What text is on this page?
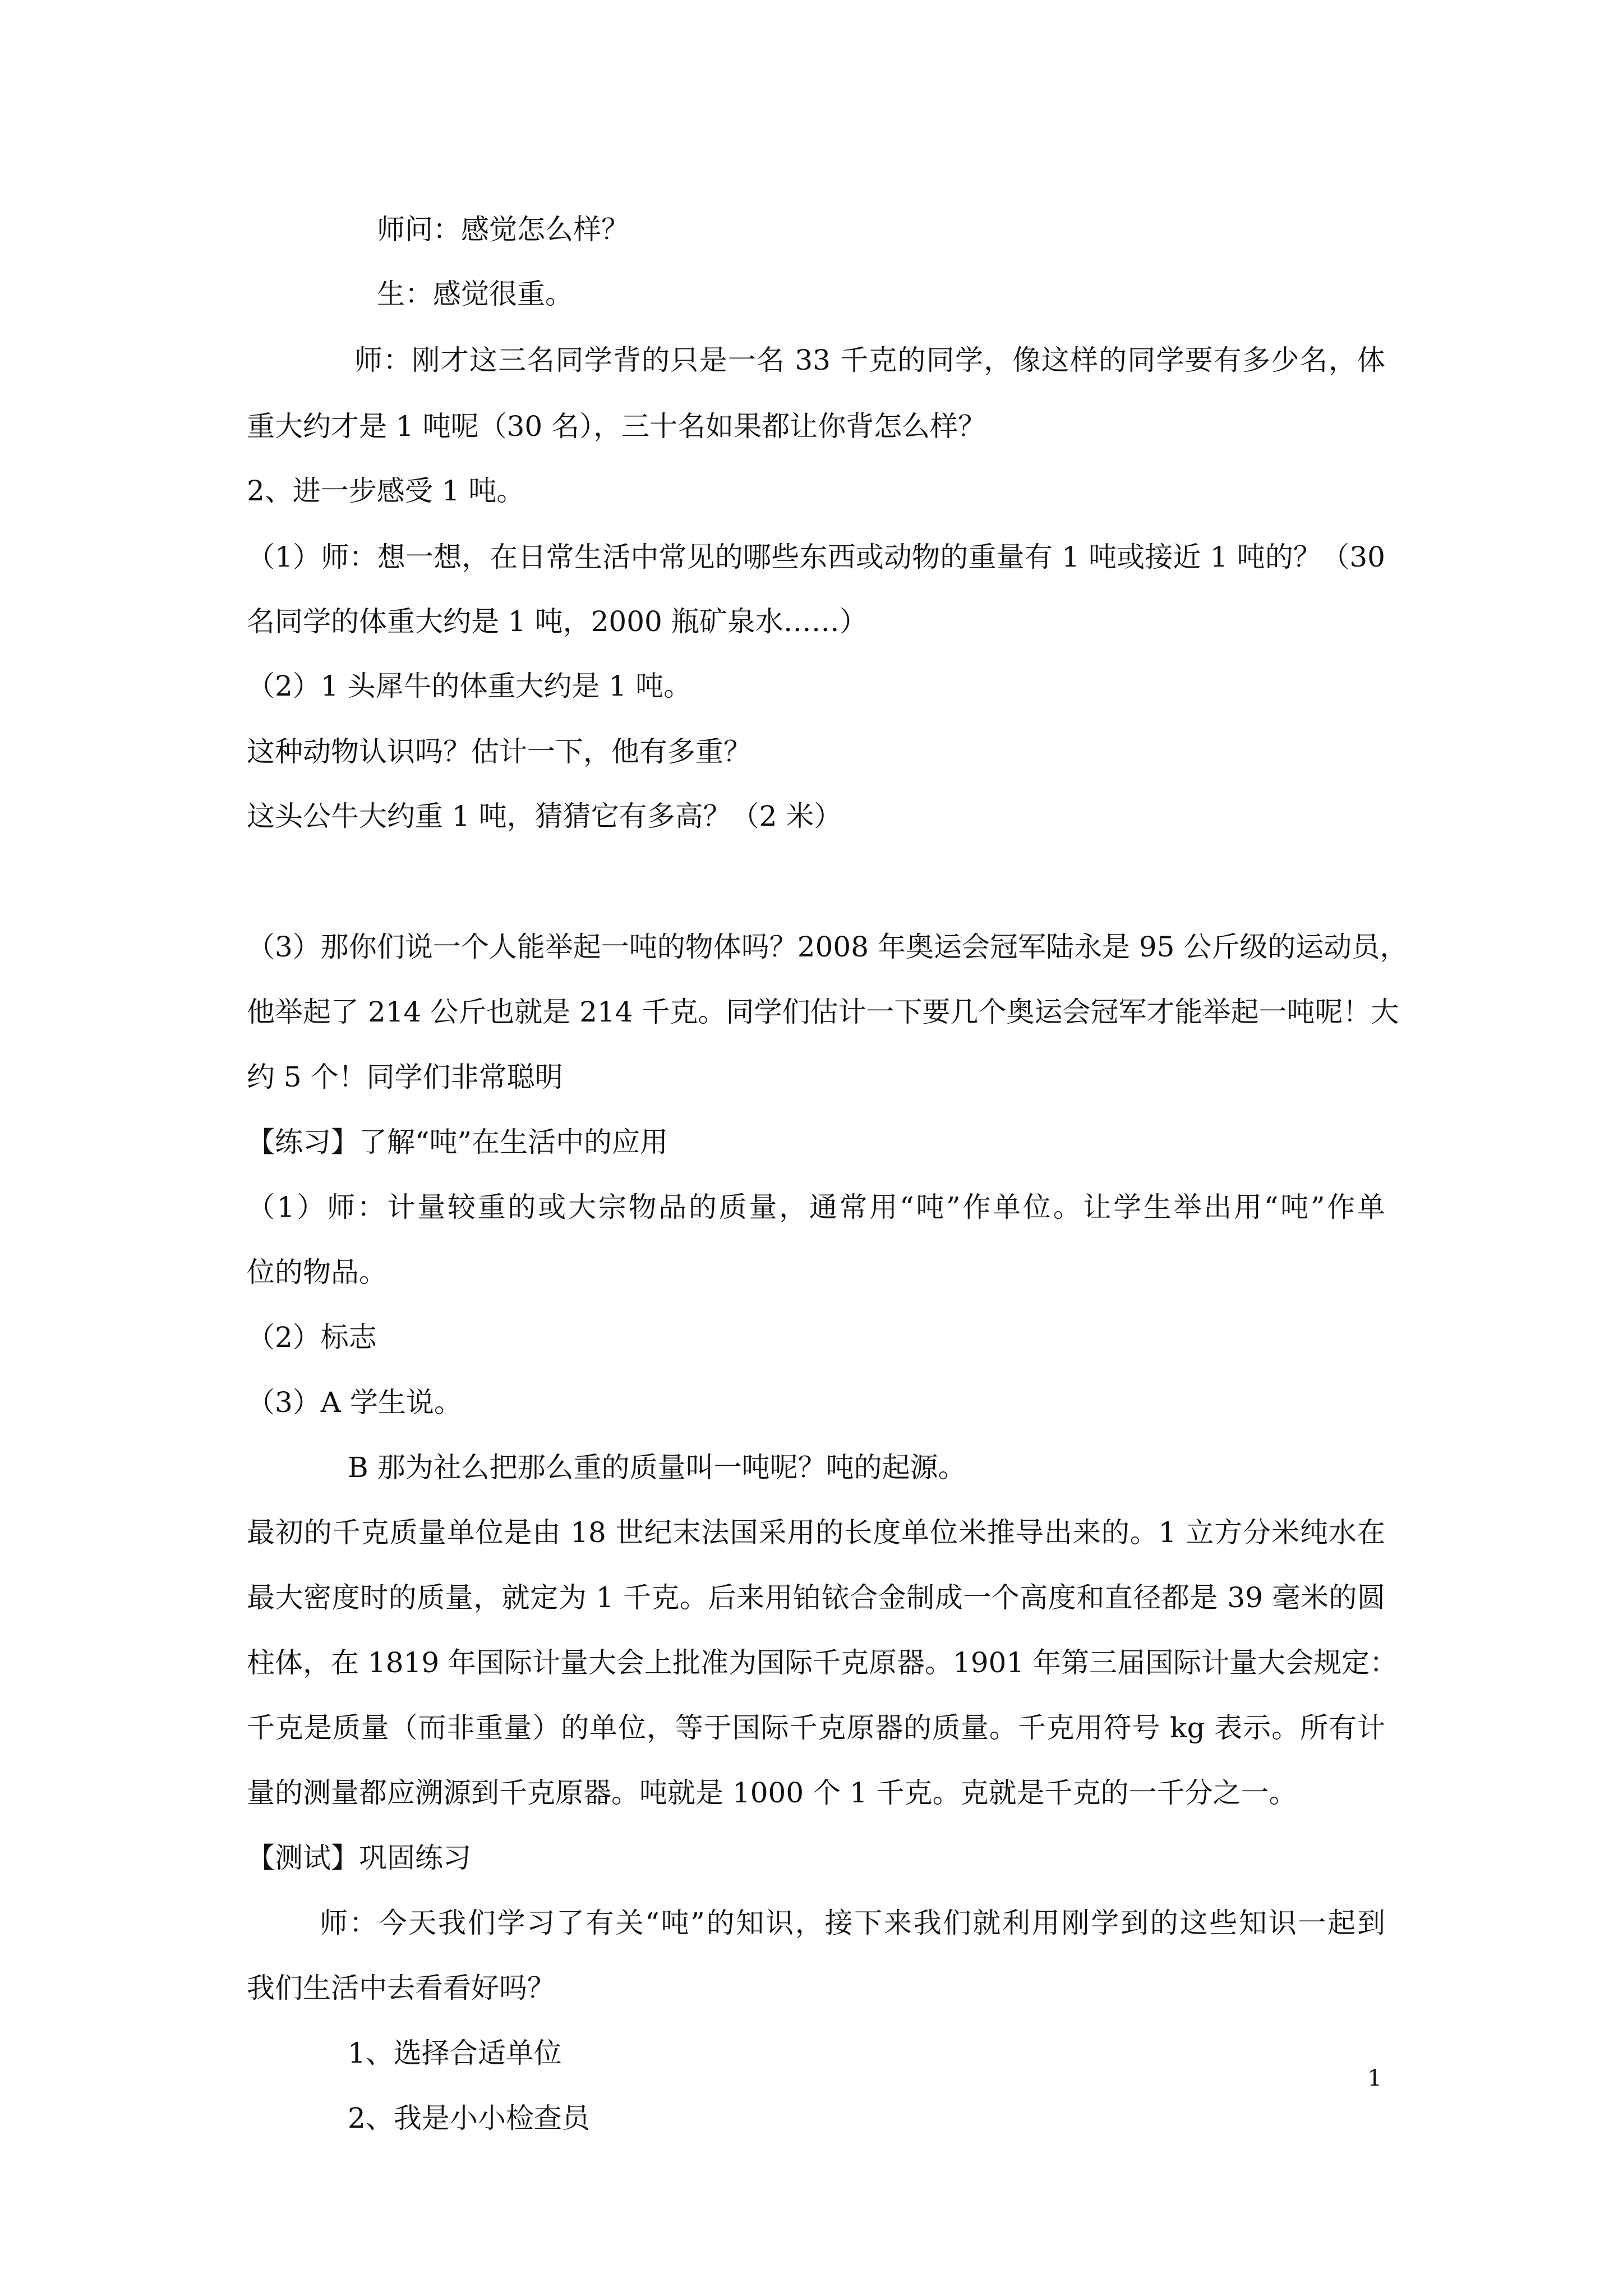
师问：感觉怎么样？

生：感觉很重。

师：刚才这三名同学背的只是一名 33 千克的同学，像这样的同学要有多少名，体

重大约才是 1 吨呢（30 名），三十名如果都让你背怎么样？

2、进一步感受 1 吨。

（1）师：想一想，在日常生活中常见的哪些东西或动物的重量有 1 吨或接近 1 吨的？（30

名同学的体重大约是 1 吨，2000 瓶矿泉水……）

（2）1 头犀牛的体重大约是 1 吨。

这种动物认识吗？估计一下，他有多重？

这头公牛大约重 1 吨，猜猜它有多高？（2 米）

（3）那你们说一个人能举起一吨的物体吗？2008 年奥运会冠军陆永是 95 公斤级的运动员，

他举起了 214 公斤也就是 214 千克。同学们估计一下要几个奥运会冠军才能举起一吨呢！大

约 5 个！同学们非常聪明

【练习】了解“吨”在生活中的应用

（1）师：计量较重的或大宗物品的质量，通常用“吨”作单位。让学生举出用“吨”作单

位的物品。

（2）标志

（3）A 学生说。

B 那为社么把那么重的质量叫一吨呢？吨的起源。

最初的千克质量单位是由 18 世纪末法国采用的长度单位米推导出来的。1 立方分米纯水在

最大密度时的质量，就定为 1 千克。后来用铂铱合金制成一个高度和直径都是 39 毫米的圆

柱体，在 1819 年国际计量大会上批准为国际千克原器。1901 年第三届国际计量大会规定：

千克是质量（而非重量）的单位，等于国际千克原器的质量。千克用符号 kg 表示。所有计

量的测量都应溯源到千克原器。吨就是 1000 个 1 千克。克就是千克的一千分之一。

【测试】巩固练习

师：今天我们学习了有关“吨”的知识，接下来我们就利用刚学到的这些知识一起到

我们生活中去看看好吗？

1、选择合适单位

2、我是小小检查员

1
